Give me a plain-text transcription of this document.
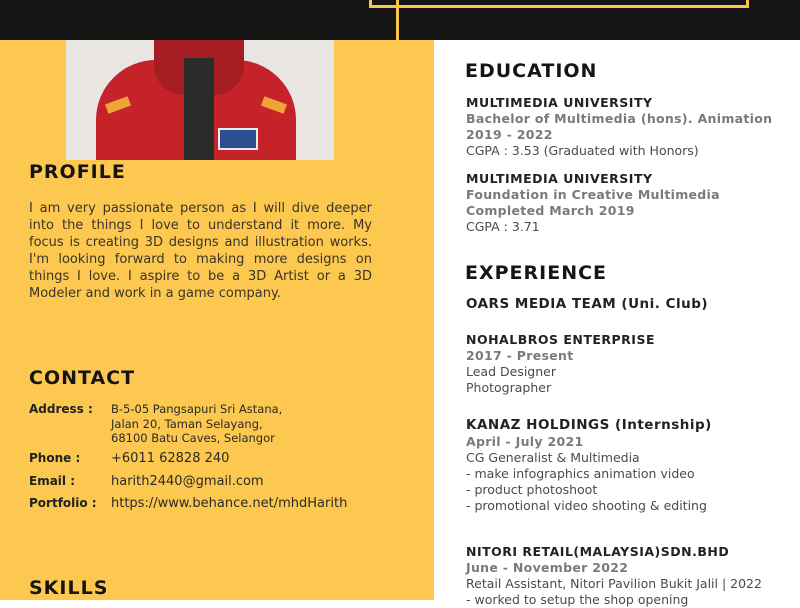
PROFILE

I am very passionate person as I will dive deeper into the things I love to understand it more. My focus is creating 3D designs and illustration works. I'm looking forward to making more designs on things I love. I aspire to be a 3D Artist or a 3D Modeler and work in a game company.

CONTACT
Address : B-5-05 Pangsapuri Sri Astana,
Jalan 20, Taman Selayang,
68100 Batu Caves, Selangor
Phone : +6011 62828 240
Email :	harith2440@gmail.com
Portfolio : https://www.behance.net/mhdHarith
SKILLS
EDUCATION
MULTIMEDIA UNIVERSITY
Bachelor of Multimedia (hons). Animation
2019 - 2022
CGPA : 3.53 (Graduated with Honors)
MULTIMEDIA UNIVERSITY
Foundation in Creative Multimedia
Completed March 2019
CGPA : 3.71
EXPERIENCE
OARS MEDIA TEAM (Uni. Club)
NOHALBROS ENTERPRISE
2017 - Present
Lead Designer
Photographer
KANAZ HOLDINGS (Internship)
April - July 2021
CG Generalist & Multimedia
- make infographics animation video
- product photoshoot
- promotional video shooting & editing
NITORI RETAIL(MALAYSIA)SDN.BHD
June - November 2022
Retail Assistant, Nitori Pavilion Bukit Jalil | 2022
- worked to setup the shop opening
